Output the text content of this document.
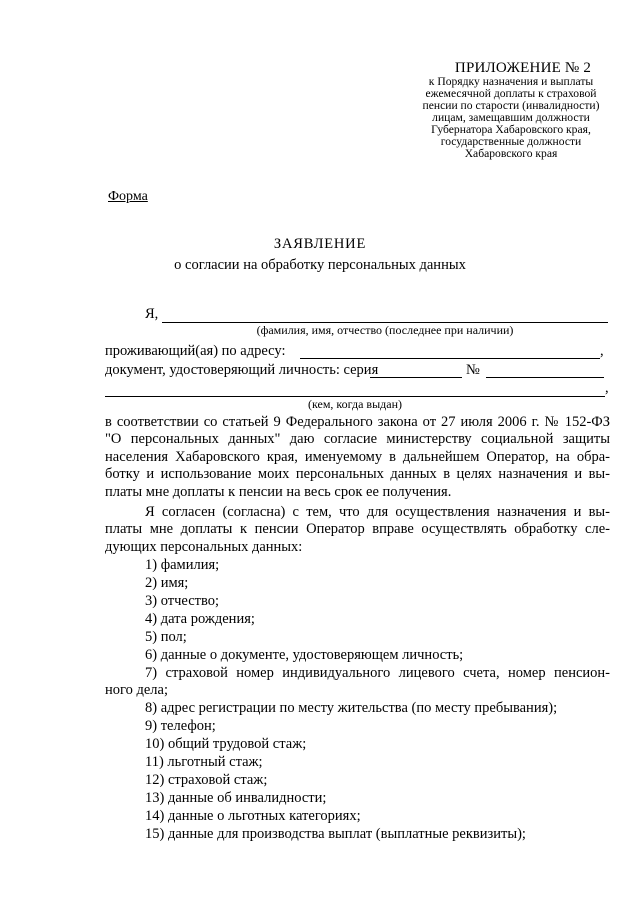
ПРИЛОЖЕНИЕ № 2
к Порядку назначения и выплаты
ежемесячной доплаты к страховой
пенсии по старости (инвалидности)
лицам, замещавшим должности
Губернатора Хабаровского края,
государственные должности
Хабаровского края
Форма
ЗАЯВЛЕНИЕ
о согласии на обработку персональных данных
Я,
(фамилия, имя, отчество (последнее при наличии)
проживающий(ая) по адресу:	,
документ, удостоверяющий личность: серия	№
,
(кем, когда выдан)
в соответствии со статьей 9 Федерального закона от 27 июля 2006 г. № 152-ФЗ
"О персональных данных" даю согласие министерству социальной защиты
населения Хабаровского края, именуемому в дальнейшем Оператор, на обра-
ботку и использование моих персональных данных в целях назначения и вы-
платы мне доплаты к пенсии на весь срок ее получения.
Я согласен (согласна) с тем, что для осуществления назначения и вы-
платы мне доплаты к пенсии Оператор вправе осуществлять обработку сле-
дующих персональных данных:
1) фамилия;
2) имя;
3) отчество;
4) дата рождения;
5) пол;
6) данные о документе, удостоверяющем личность;
7) страховой номер индивидуального лицевого счета, номер пенсион-
ного дела;
8) адрес регистрации по месту жительства (по месту пребывания);
9) телефон;
10) общий трудовой стаж;
11) льготный стаж;
12) страховой стаж;
13) данные об инвалидности;
14) данные о льготных категориях;
15) данные для производства выплат (выплатные реквизиты);
